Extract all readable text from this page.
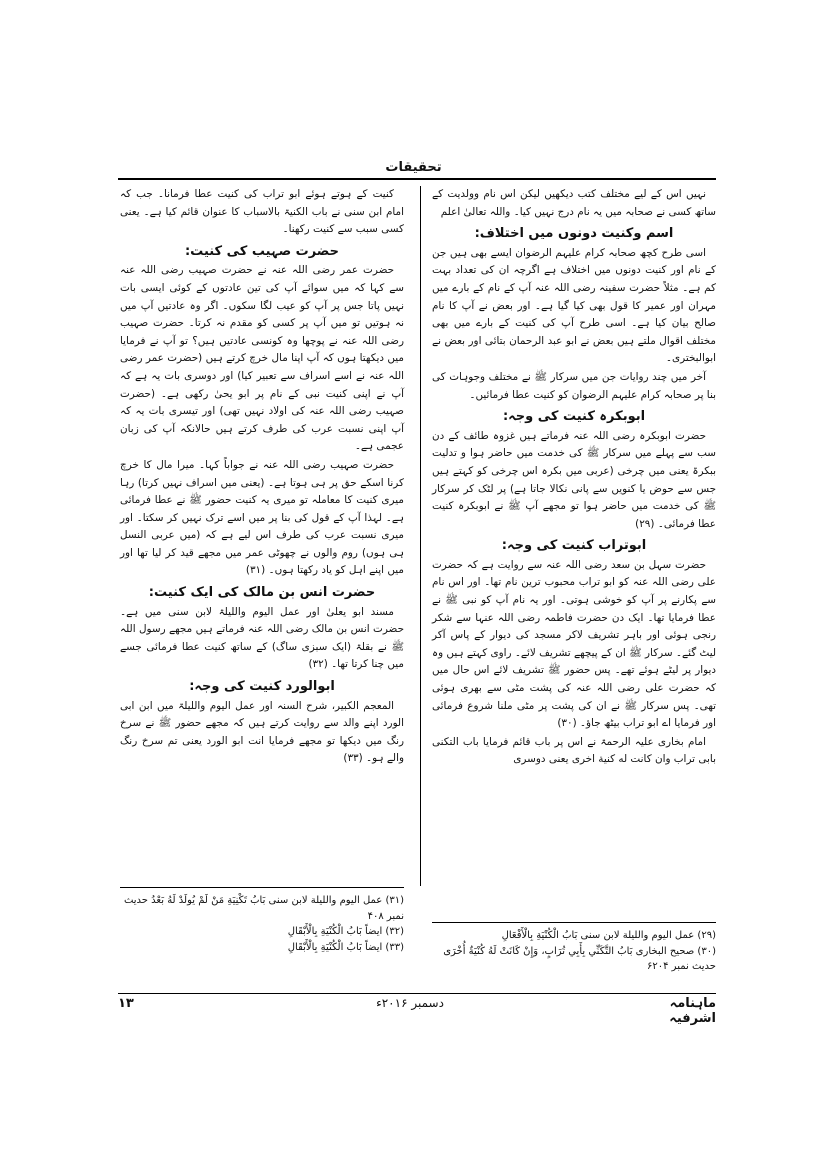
تحقیقات

نہیں اس کے لیے مختلف کتب دیکھیں لیکن اس نام وولدیت کے ساتھ کسی نے صحابہ میں یہ نام درج نہیں کیا۔ واللہ تعالیٰ اعلم

اسم وکنیت دونوں میں اختلاف:

اسی طرح کچھ صحابہ کرام علیہم الرضوان ایسے بھی ہیں جن کے نام اور کنیت دونوں میں اختلاف ہے اگرچہ ان کی تعداد بہت کم ہے۔ مثلاً حضرت سفینہ رضی اللہ عنہ آپ کے نام کے بارے میں مہران اور عمیر کا قول بھی کیا گیا ہے۔ اور بعض نے آپ کا نام صالح بیان کیا ہے۔ اسی طرح آپ کی کنیت کے بارے میں بھی مختلف اقوال ملتے ہیں بعض نے ابو عبد الرحمان بتائی اور بعض نے ابوالبختری۔

آخر میں چند روایات جن میں سرکار ﷺ نے مختلف وجوہات کی بنا پر صحابہ کرام علیہم الرضوان کو کنیت عطا فرمائیں۔

ابوبکرہ کنیت کی وجہ:

حضرت ابوبکرہ رضی اللہ عنہ فرماتے ہیں غزوہ طائف کے دن سب سے پہلے میں سرکار ﷺ کی خدمت میں حاضر ہوا و تدلیت ببکرۃ یعنی میں چرخی (عربی میں بکرہ اس چرخی کو کہتے ہیں جس سے حوض یا کنویں سے پانی نکالا جاتا ہے) پر لٹک کر سرکار ﷺ کی خدمت میں حاضر ہوا تو مجھے آپ ﷺ نے ابوبکرہ کنیت عطا فرمائی۔ (۲۹)

ابوتراب کنیت کی وجہ:

حضرت سہل بن سعد رضی اللہ عنہ سے روایت ہے کہ حضرت علی رضی اللہ عنہ کو ابو تراب محبوب ترین نام تھا۔ اور اس نام سے پکارنے پر آپ کو خوشی ہوتی۔ اور یہ نام آپ کو نبی ﷺ نے عطا فرمایا تھا۔ ایک دن حضرت فاطمہ رضی اللہ عنہا سے شکر رنجی ہوئی اور باہر تشریف لاکر مسجد کی دیوار کے پاس آکر لیٹ گئے۔ سرکار ﷺ ان کے پیچھے تشریف لائے۔ راوی کہتے ہیں وہ دیوار پر لیٹے ہوئے تھے۔ پس حضور ﷺ تشریف لائے اس حال میں کہ حضرت علی رضی اللہ عنہ کی پشت مٹی سے بھری ہوئی تھی۔ پس سرکار ﷺ نے ان کی پشت پر مٹی ملنا شروع فرمائی اور فرمایا اے ابو تراب بیٹھ جاؤ۔ (۳۰)

امام بخاری علیہ الرحمۃ نے اس پر باب قائم فرمایا باب التکنی بابی تراب وان کانت له کنیة اخری یعنی دوسری

کنیت کے ہوتے ہوئے ابو تراب کی کنیت عطا فرمانا۔ جب کہ امام ابن سنی نے باب الکنیۃ بالاسباب کا عنوان قائم کیا ہے۔ یعنی کسی سبب سے کنیت رکھنا۔

حضرت صہیب کی کنیت:

حضرت عمر رضی اللہ عنہ نے حضرت صہیب رضی اللہ عنہ سے کہا کہ میں سوائے آپ کی تین عادتوں کے کوئی ایسی بات نہیں پاتا جس پر آپ کو عیب لگا سکوں۔ اگر وہ عادتیں آپ میں نہ ہوتیں تو میں آپ پر کسی کو مقدم نہ کرتا۔ حضرت صہیب رضی اللہ عنہ نے پوچھا وہ کونسی عادتیں ہیں؟ تو آپ نے فرمایا میں دیکھتا ہوں کہ آپ اپنا مال خرچ کرتے ہیں (حضرت عمر رضی اللہ عنہ نے اسے اسراف سے تعبیر کیا) اور دوسری بات یہ ہے کہ آپ نے اپنی کنیت نبی کے نام پر ابو یحیٰ رکھی ہے۔ (حضرت صہیب رضی اللہ عنہ کی اولاد نہیں تھی) اور تیسری بات یہ کہ آپ اپنی نسبت عرب کی طرف کرتے ہیں حالانکہ آپ کی زبان عجمی ہے۔

حضرت صہیب رضی اللہ عنہ نے جواباً کہا۔ میرا مال کا خرچ کرنا اسکے حق پر ہی ہوتا ہے۔ (یعنی میں اسراف نہیں کرتا) رہا میری کنیت کا معاملہ تو میری یہ کنیت حضور ﷺ نے عطا فرمائی ہے۔ لہذا آپ کے قول کی بنا پر میں اسے ترک نہیں کر سکتا۔ اور میری نسبت عرب کی طرف اس لیے ہے کہ (میں عربی النسل ہی ہوں) روم والوں نے چھوٹی عمر میں مجھے قید کر لیا تھا اور میں اپنے اہل کو یاد رکھتا ہوں۔ (۳۱)

حضرت انس بن مالک کی ایک کنیت:

مسند ابو یعلیٰ اور عمل الیوم واللیلۃ لابن سنی میں ہے۔ حضرت انس بن مالک رضی اللہ عنہ فرماتے ہیں مجھے رسول اللہ ﷺ نے بقلۃ (ایک سبزی ساگ) کے ساتھ کنیت عطا فرمائی جسے میں چنا کرتا تھا۔ (۳۲)

ابوالورد کنیت کی وجہ:

المعجم الکبیر، شرح السنہ اور عمل الیوم واللیلۃ میں ابن ابی الورد اپنے والد سے روایت کرتے ہیں کہ مجھے حضور ﷺ نے سرخ رنگ میں دیکھا تو مجھے فرمایا انت ابو الورد یعنی تم سرخ رنگ والے ہو۔ (۳۳)

(۳۱) عمل الیوم واللیلة لابن سنی بَابُ تَكْنِيَةِ مَنْ لَمْ يُولَدْ لَهُ بَعْدُ حدیث نمبر ۴۰۸
(۳۲) ایضاً بَابُ الْكُنْيَةِ بِالْأَبْقَالِ
(۳۳) ایضاً بَابُ الْكُنْيَةِ بِالْأَبْقَالِ
(۲۹) عمل الیوم واللیلة لابن سنی بَابُ الْكُنْيَةِ بِالْأَفْعَالِ
(۳۰) صحیح البخاری بَابُ التَّكَنِّي بِأَبِي تُرَابٍ، وَإِنْ كَانَتْ لَهُ كُنْيَةٌ أُخْرَى حدیث نمبر ۶۲۰۴
ماہنامہ اشرفیہ
دسمبر ۲۰۱۶ء
۱۳
